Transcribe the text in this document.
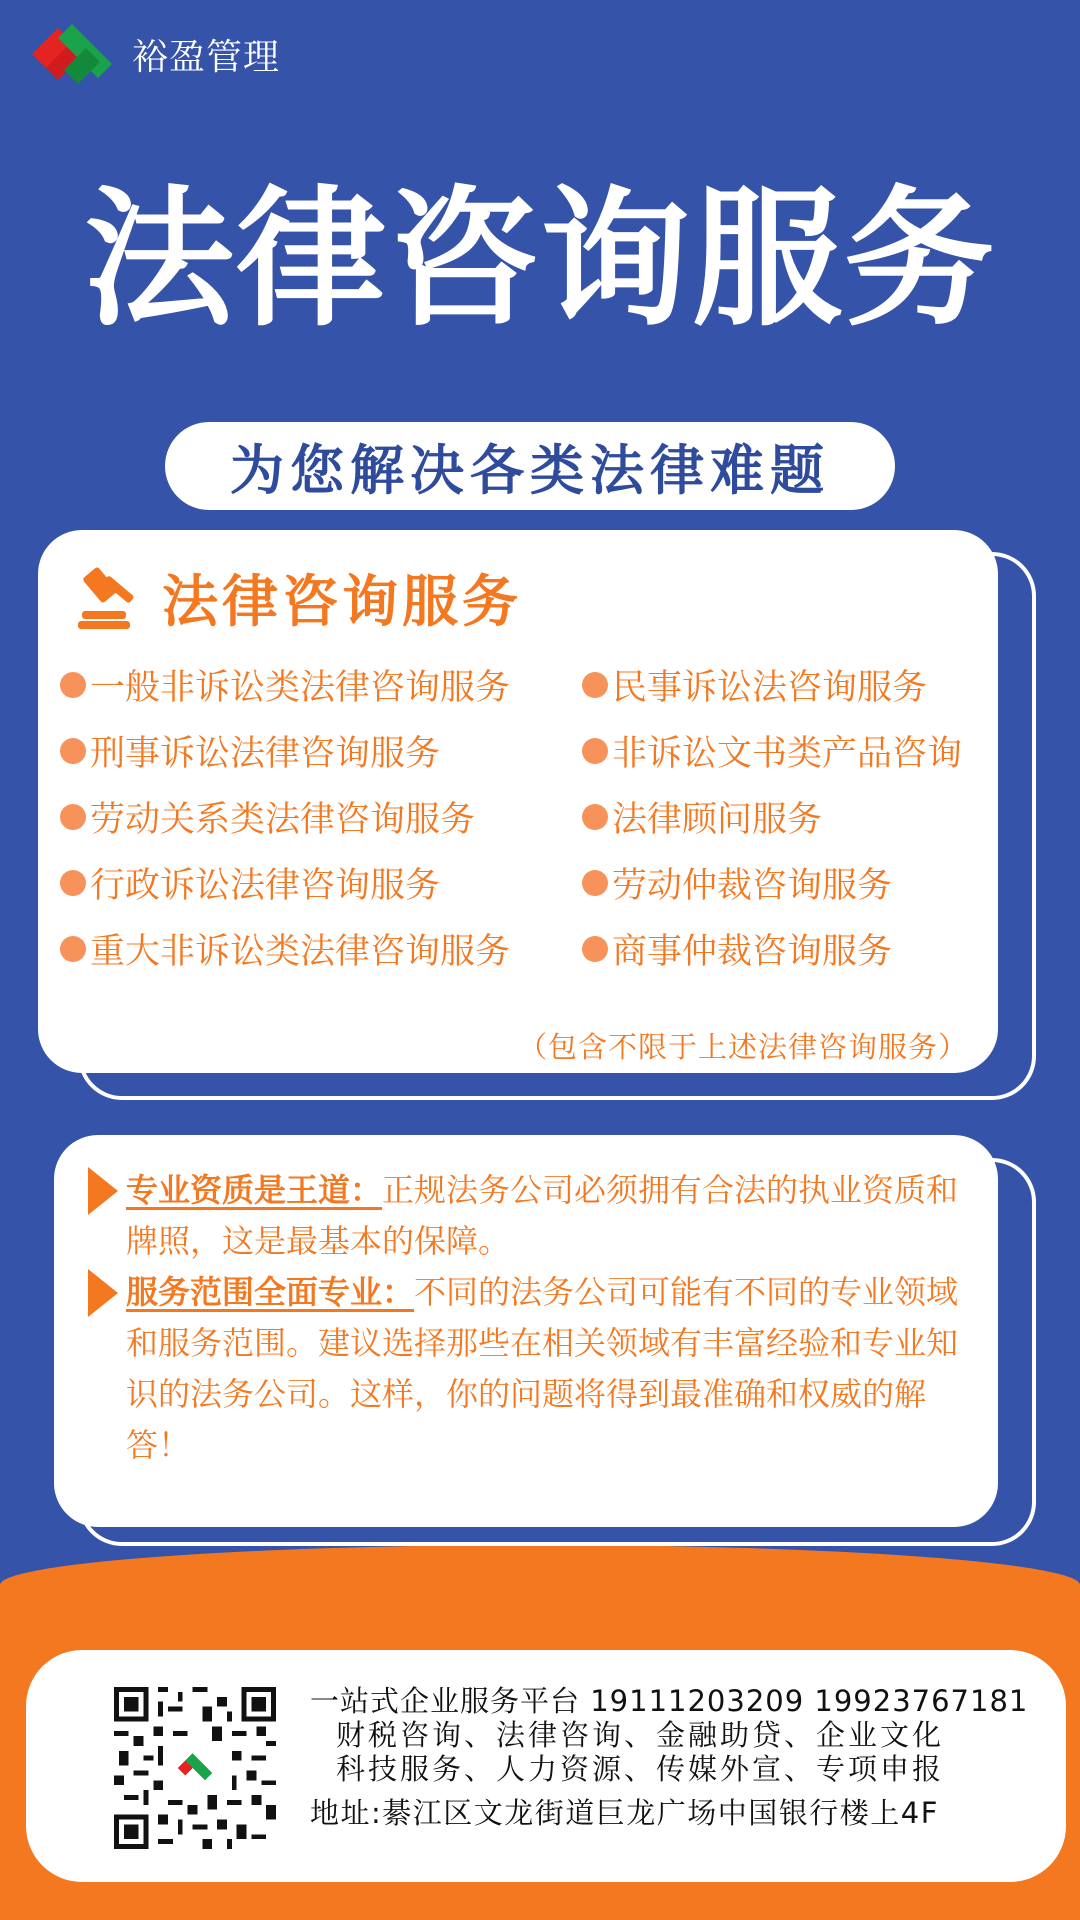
裕盈管理
法律咨询服务
为您解决各类法律难题
法律咨询服务
一般非诉讼类法律咨询服务
刑事诉讼法律咨询服务
劳动关系类法律咨询服务
行政诉讼法律咨询服务
重大非诉讼类法律咨询服务
民事诉讼法咨询服务
非诉讼文书类产品咨询
法律顾问服务
劳动仲裁咨询服务
商事仲裁咨询服务
（包含不限于上述法律咨询服务）
专业资质是王道：正规法务公司必须拥有合法的执业资质和牌照，这是最基本的保障。
服务范围全面专业：不同的法务公司可能有不同的专业领域和服务范围。建议选择那些在相关领域有丰富经验和专业知识的法务公司。这样，你的问题将得到最准确和权威的解答！
一站式企业服务平台 19111203209 19923767181
财税咨询、法律咨询、金融助贷、企业文化
科技服务、人力资源、传媒外宣、专项申报
地址:綦江区文龙街道巨龙广场中国银行楼上4F
